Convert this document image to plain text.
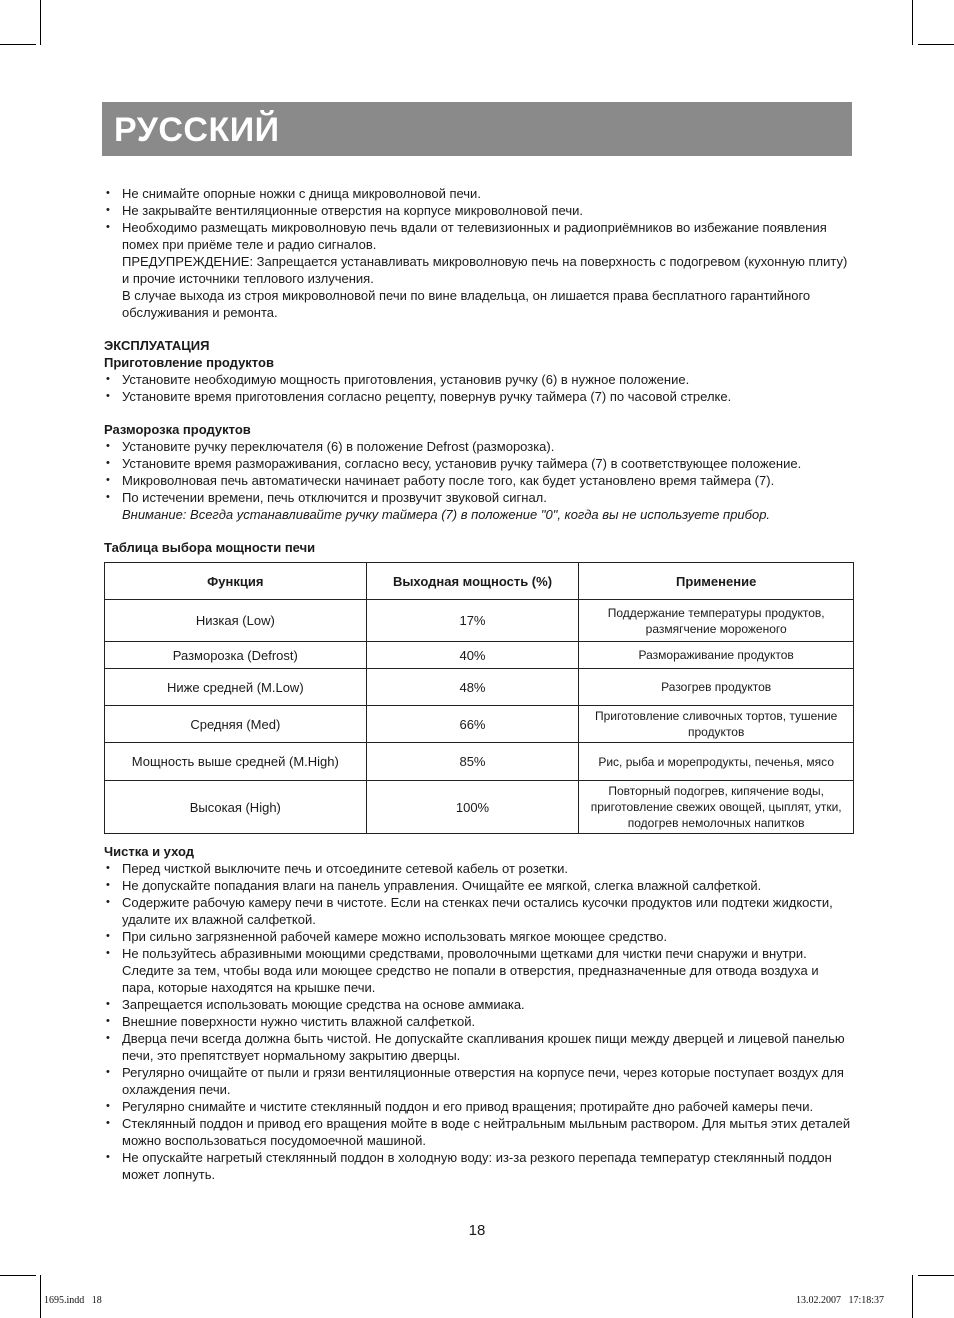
РУССКИЙ
• Не снимайте опорные ножки с днища микроволновой печи.
• Не закрывайте вентиляционные отверстия на корпусе микроволновой печи.
• Необходимо размещать микроволновую печь вдали от телевизионных и радиоприёмников во избежание появления помех при приёме теле и радио сигналов.
ПРЕДУПРЕЖДЕНИЕ: Запрещается устанавливать микроволновую печь на поверхность с подогревом (кухонную плиту) и прочие источники теплового излучения.
В случае выхода из строя микроволновой печи по вине владельца, он лишается права бесплатного гарантийного обслуживания и ремонта.

ЭКСПЛУАТАЦИЯ

Приготовление продуктов

• Установите необходимую мощность приготовления, установив ручку (6) в нужное положение.
• Установите время приготовления согласно рецепту, повернув ручку таймера (7) по часовой стрелке.

Разморозка продуктов

• Установите ручку переключателя (6) в положение Defrost (разморозка).
• Установите время размораживания, согласно весу, установив ручку таймера (7) в соответствующее положение.
• Микроволновая печь автоматически начинает работу после того, как будет установлено время таймера (7).
• По истечении времени, печь отключится и прозвучит звуковой сигнал.
Внимание: Всегда устанавливайте ручку таймера (7) в положение "0", когда вы не используете прибор.

Таблица выбора мощности печи

Функция	Выходная мощность (%)	Применение
Низкая (Low)	17%	Поддержание температуры продуктов, размягчение мороженого
Разморозка (Defrost)	40%	Размораживание продуктов
Ниже средней (M.Low)	48%	Разогрев продуктов
Средняя (Med)	66%	Приготовление сливочных тортов, тушение продуктов
Мощность выше средней (M.High)	85%	Рис, рыба и морепродукты, печенья, мясо
Высокая (High)	100%	Повторный подогрев, кипячение воды, приготовление свежих овощей, цыплят, утки, подогрев немолочных напитков

Чистка и уход

• Перед чисткой выключите печь и отсоедините сетевой кабель от розетки.
• Не допускайте попадания влаги на панель управления. Очищайте ее мягкой, слегка влажной салфеткой.
• Содержите рабочую камеру печи в чистоте. Если на стенках печи остались кусочки продуктов или подтеки жидкости, удалите их влажной салфеткой.
• При сильно загрязненной рабочей камере можно использовать мягкое моющее средство.
• Не пользуйтесь абразивными моющими средствами, проволочными щетками для чистки печи снаружи и внутри. Следите за тем, чтобы вода или моющее средство не попали в отверстия, предназначенные для отвода воздуха и пара, которые находятся на крышке печи.
• Запрещается использовать моющие средства на основе аммиака.
• Внешние поверхности нужно чистить влажной салфеткой.
• Дверца печи всегда должна быть чистой. Не допускайте скапливания крошек пищи между дверцей и лицевой панелью печи, это препятствует нормальному закрытию дверцы.
• Регулярно очищайте от пыли и грязи вентиляционные отверстия на корпусе печи, через которые поступает воздух для охлаждения печи.
• Регулярно снимайте и чистите стеклянный поддон и его привод вращения; протирайте дно рабочей камеры печи.
• Стеклянный поддон и привод его вращения мойте в воде с нейтральным мыльным раствором. Для мытья этих деталей можно воспользоваться посудомоечной машиной.
• Не опускайте нагретый стеклянный поддон в холодную воду: из-за резкого перепада температур стеклянный поддон может лопнуть.
18
1695.indd   18	13.02.2007   17:18:37
